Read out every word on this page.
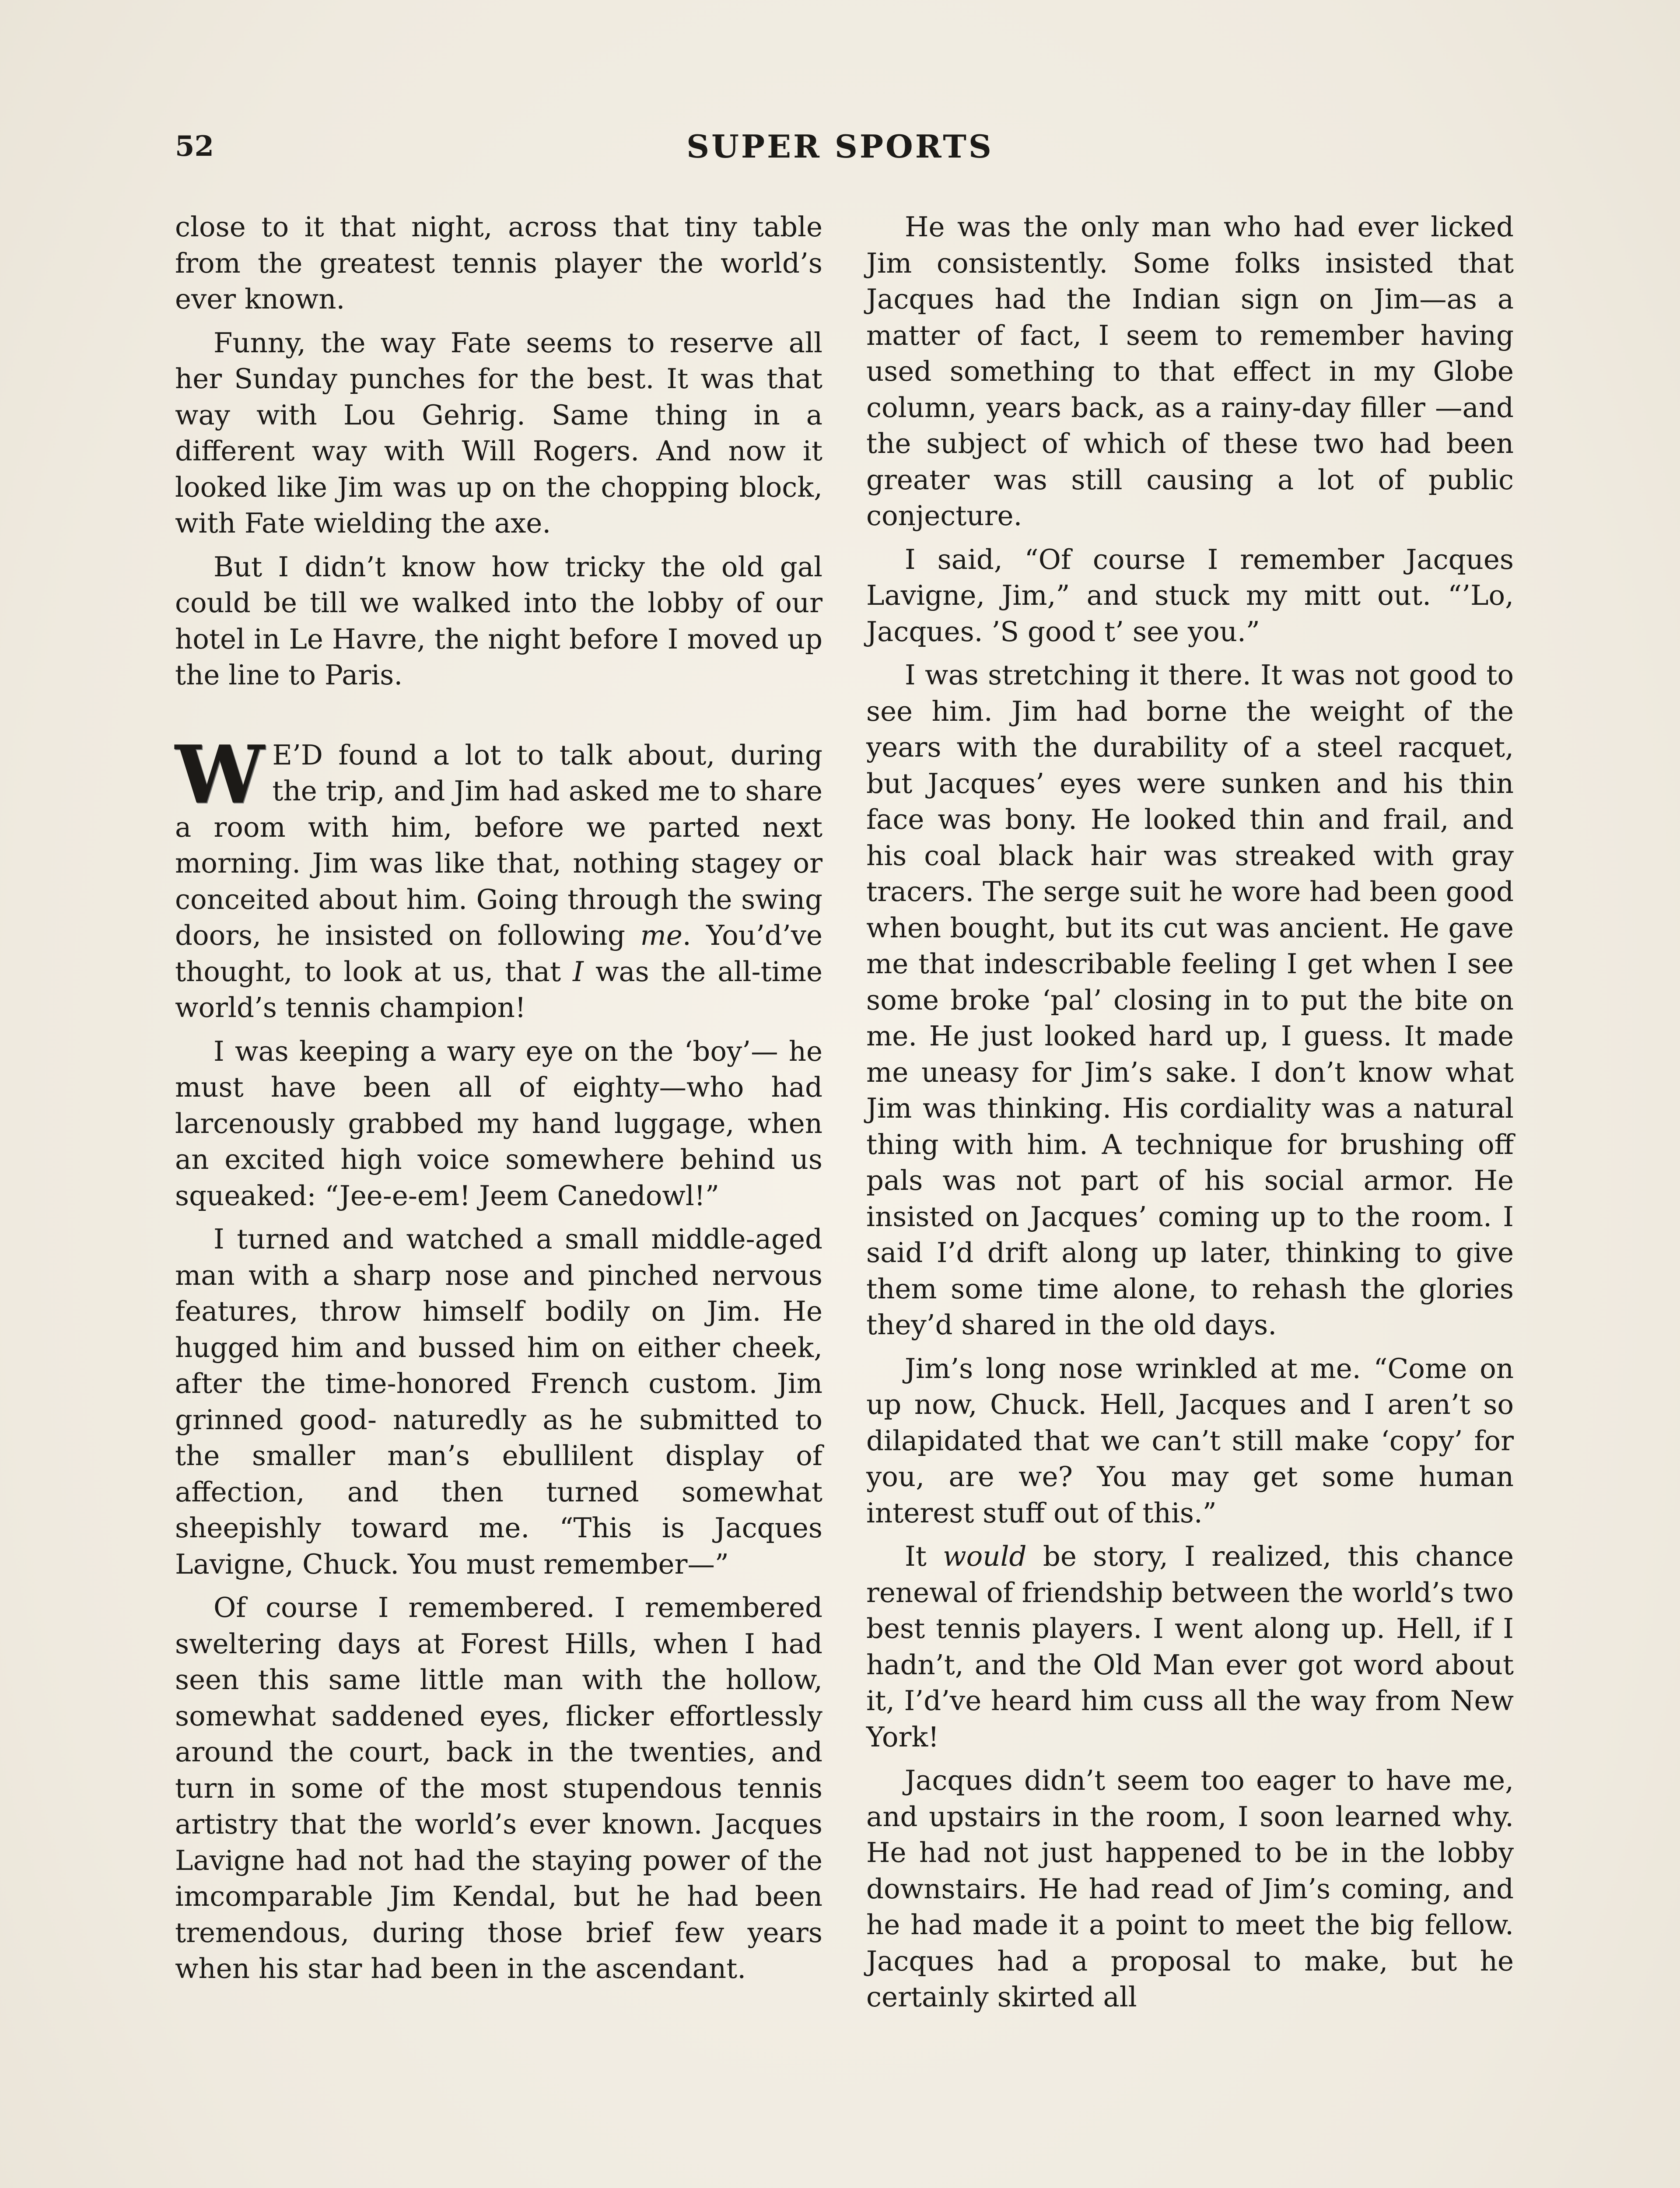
52	SUPER SPORTS

close to it that night, across that tiny table from the greatest tennis player the world’s ever known.

Funny, the way Fate seems to reserve all her Sunday punches for the best. It was that way with Lou Gehrig. Same thing in a different way with Will Rogers. And now it looked like Jim was up on the chopping block, with Fate wielding the axe.

But I didn’t know how tricky the old gal could be till we walked into the lobby of our hotel in Le Havre, the night before I moved up the line to Paris.

W E’D found a lot to talk about, during the trip, and Jim had asked me to share a room with him, before we parted next morning. Jim was like that, nothing stagey or conceited about him. Going through the swing doors, he insisted on following me. You’d’ve thought, to look at us, that I was the all-time world’s tennis champion!

I was keeping a wary eye on the ‘boy’— he must have been all of eighty—who had larcenously grabbed my hand luggage, when an excited high voice somewhere behind us squeaked: “Jee-e-em! Jeem Canedowl!”

I turned and watched a small middle-aged man with a sharp nose and pinched nervous features, throw himself bodily on Jim. He hugged him and bussed him on either cheek, after the time-honored French custom. Jim grinned good- naturedly as he submitted to the smaller man’s ebullilent display of affection, and then turned somewhat sheepishly toward me. “This is Jacques Lavigne, Chuck. You must remember—”

Of course I remembered. I remembered sweltering days at Forest Hills, when I had seen this same little man with the hollow, somewhat saddened eyes, flicker effortlessly around the court, back in the twenties, and turn in some of the most stupendous tennis artistry that the world’s ever known. Jacques Lavigne had not had the staying power of the imcomparable Jim Kendal, but he had been tremendous, during those brief few years when his star had been in the ascendant.

He was the only man who had ever licked Jim consistently. Some folks insisted that Jacques had the Indian sign on Jim—as a matter of fact, I seem to remember having used something to that effect in my Globe column, years back, as a rainy-day filler —and the subject of which of these two had been greater was still causing a lot of public conjecture.

I said, “Of course I remember Jacques Lavigne, Jim,” and stuck my mitt out. “’Lo, Jacques. ’S good t’ see you.”

I was stretching it there. It was not good to see him. Jim had borne the weight of the years with the durability of a steel racquet, but Jacques’ eyes were sunken and his thin face was bony. He looked thin and frail, and his coal black hair was streaked with gray tracers. The serge suit he wore had been good when bought, but its cut was ancient. He gave me that indescribable feeling I get when I see some broke ‘pal’ closing in to put the bite on me. He just looked hard up, I guess. It made me uneasy for Jim’s sake. I don’t know what Jim was thinking. His cordiality was a natural thing with him. A technique for brushing off pals was not part of his social armor. He insisted on Jacques’ coming up to the room. I said I’d drift along up later, thinking to give them some time alone, to rehash the glories they’d shared in the old days.

Jim’s long nose wrinkled at me. “Come on up now, Chuck. Hell, Jacques and I aren’t so dilapidated that we can’t still make ‘copy’ for you, are we? You may get some human interest stuff out of this.”

It would be story, I realized, this chance renewal of friendship between the world’s two best tennis players. I went along up. Hell, if I hadn’t, and the Old Man ever got word about it, I’d’ve heard him cuss all the way from New York!

Jacques didn’t seem too eager to have me, and upstairs in the room, I soon learned why. He had not just happened to be in the lobby downstairs. He had read of Jim’s coming, and he had made it a point to meet the big fellow. Jacques had a proposal to make, but he certainly skirted all
